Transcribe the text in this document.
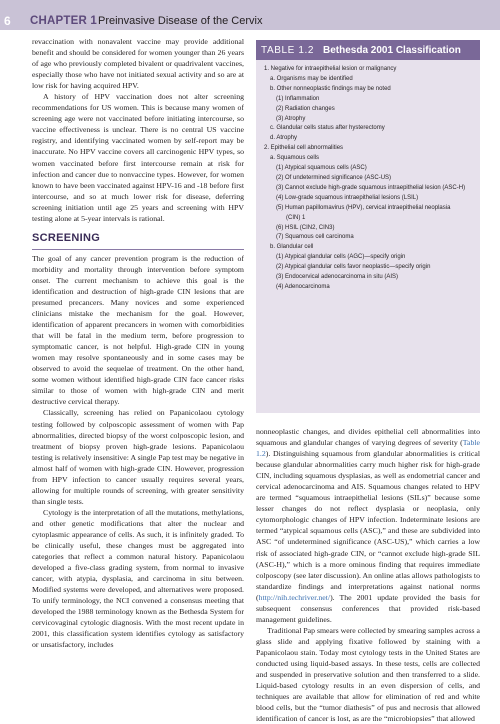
6 CHAPTER 1 Preinvasive Disease of the Cervix

revaccination with nonavalent vaccine may provide additional benefit and should be considered for women younger than 26 years of age who previously completed bivalent or quadrivalent vaccines, especially those who have not initiated sexual activity and so are at low risk for having acquired HPV.

A history of HPV vaccination does not alter screening recommendations for US women. This is because many women of screening age were not vaccinated before initiating intercourse, so vaccine effectiveness is unclear. There is no central US vaccine registry, and identifying vaccinated women by self-report may be inaccurate. No HPV vaccine covers all carcinogenic HPV types, so women vaccinated before first intercourse remain at risk for infection and cancer due to nonvaccine types. However, for women known to have been vaccinated against HPV-16 and -18 before first intercourse, and so at much lower risk for disease, deferring screening initiation until age 25 years and screening with HPV testing alone at 5-year intervals is rational.

SCREENING

The goal of any cancer prevention program is the reduction of morbidity and mortality through intervention before symptom onset. The current mechanism to achieve this goal is the identification and destruction of high-grade CIN lesions that are presumed precancers. Many novices and some experienced clinicians mistake the mechanism for the goal. However, identification of apparent precancers in women with comorbidities that will be fatal in the medium term, before progression to symptomatic cancer, is not helpful. High-grade CIN in young women may resolve spontaneously and in some cases may be observed to avoid the sequelae of treatment. On the other hand, some women without identified high-grade CIN face cancer risks similar to those of women with high-grade CIN and merit destructive cervical therapy.

Classically, screening has relied on Papanicolaou cytology testing followed by colposcopic assessment of women with Pap abnormalities, directed biopsy of the worst colposcopic lesion, and treatment of biopsy proven high-grade lesions. Papanicolaou testing is relatively insensitive: A single Pap test may be negative in almost half of women with high-grade CIN. However, progression from HPV infection to cancer usually requires several years, allowing for multiple rounds of screening, with greater sensitivity than single tests.

Cytology is the interpretation of all the mutations, methylations, and other genetic modifications that alter the nuclear and cytoplasmic appearance of cells. As such, it is infinitely graded. To be clinically useful, these changes must be aggregated into categories that reflect a common natural history. Papanicolaou developed a five-class grading system, from normal to invasive cancer, with atypia, dysplasia, and carcinoma in situ between. Modified systems were developed, and alternatives were proposed. To unify terminology, the NCI convened a consensus meeting that developed the 1988 terminology known as the Bethesda System for cervicovaginal cytologic diagnosis. With the most recent update in 2001, this classification system identifies cytology as satisfactory or unsatisfactory, includes

TABLE 1.2 Bethesda 2001 Classification
1. Negative for intraepithelial lesion or malignancy
a. Organisms may be identified
b. Other nonneoplastic findings may be noted
(1) Inflammation
(2) Radiation changes
(3) Atrophy
c. Glandular cells status after hysterectomy
d. Atrophy
2. Epithelial cell abnormalities
a. Squamous cells
(1) Atypical squamous cells (ASC)
(2) Of undetermined significance (ASC-US)
(3) Cannot exclude high-grade squamous intraepithelial lesion (ASC-H)
(4) Low-grade squamous intraepithelial lesions (LSIL)
(5) Human papillomavirus (HPV), cervical intraepithelial neoplasia
(CIN) 1
(6) HSIL (CIN2, CIN3)
(7) Squamous cell carcinoma
b. Glandular cell
(1) Atypical glandular cells (AGC)—specify origin
(2) Atypical glandular cells favor neoplastic—specify origin
(3) Endocervical adenocarcinoma in situ (AIS)
(4) Adenocarcinoma

nonneoplastic changes, and divides epithelial cell abnormalities into squamous and glandular changes of varying degrees of severity (Table 1.2). Distinguishing squamous from glandular abnormalities is critical because glandular abnormalities carry much higher risk for high-grade CIN, including squamous dysplasias, as well as endometrial cancer and cervical adenocarcinoma and AIS. Squamous changes related to HPV are termed “squamous intraepithelial lesions (SILs)” because some lesser changes do not reflect dysplasia or neoplasia, only cytomorphologic changes of HPV infection. Indeterminate lesions are termed “atypical squamous cells (ASC),” and these are subdivided into ASC “of undetermined significance (ASC-US),” which carries a low risk of associated high-grade CIN, or “cannot exclude high-grade SIL (ASC-H),” which is a more ominous finding that requires immediate colposcopy (see later discussion). An online atlas allows pathologists to standardize findings and interpretations against national norms (http://nih.techriver.net/). The 2001 update provided the basis for subsequent consensus conferences that provided risk-based management guidelines.

Traditional Pap smears were collected by smearing samples across a glass slide and applying fixative followed by staining with a Papanicolaou stain. Today most cytology tests in the United States are conducted using liquid-based assays. In these tests, cells are collected and suspended in preservative solution and then transferred to a slide. Liquid-based cytology results in an even dispersion of cells, and techniques are available that allow for elimination of red and white blood cells, but the “tumor diathesis” of pus and necrosis that allowed identification of cancer is lost, as are the “microbiopsies” that allowed
